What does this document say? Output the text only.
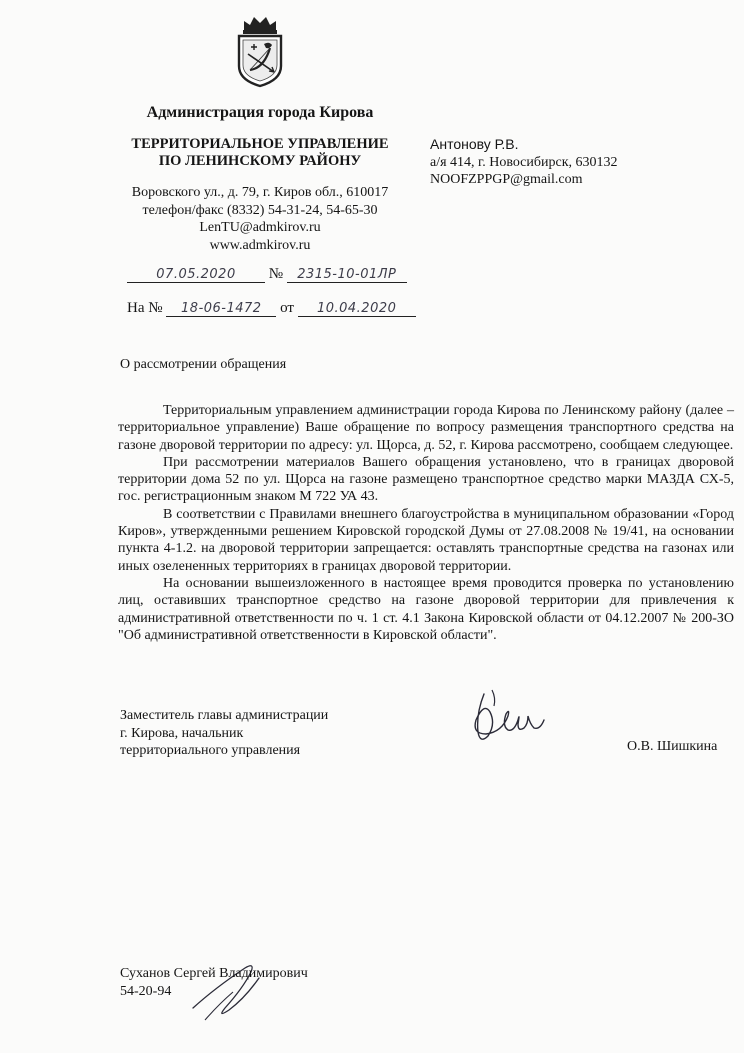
Администрация города Кирова
ТЕРРИТОРИАЛЬНОЕ УПРАВЛЕНИЕ
ПО ЛЕНИНСКОМУ РАЙОНУ
Воровского ул., д. 79, г. Киров обл., 610017
телефон/факс (8332) 54-31-24, 54-65-30
LenTU@admkirov.ru
www.admkirov.ru
Антонову Р.В.
а/я 414, г. Новосибирск, 630132
NOOFZPPGP@gmail.com
07.05.2020 № 2315-10-01ЛР
На № 18-06-1472 от 10.04.2020
О рассмотрении обращения

Территориальным управлением администрации города Кирова по Ленинскому району (далее – территориальное управление) Ваше обращение по вопросу размещения транспортного средства на газоне дворовой территории по адресу: ул. Щорса, д. 52, г. Кирова рассмотрено, сообщаем следующее.

При рассмотрении материалов Вашего обращения установлено, что в границах дворовой территории дома 52 по ул. Щорса на газоне размещено транспортное средство марки МАЗДА СХ-5, гос. регистрационным знаком М 722 УА 43.

В соответствии с Правилами внешнего благоустройства в муниципальном образовании «Город Киров», утвержденными решением Кировской городской Думы от 27.08.2008 № 19/41, на основании пункта 4-1.2. на дворовой территории запрещается: оставлять транспортные средства на газонах или иных озелененных территориях в границах дворовой территории.

На основании вышеизложенного в настоящее время проводится проверка по установлению лиц, оставивших транспортное средство на газоне дворовой территории для привлечения к административной ответственности по ч. 1 ст. 4.1 Закона Кировской области от 04.12.2007 № 200-ЗО "Об административной ответственности в Кировской области".

Заместитель главы администрации
г. Кирова, начальник
территориального управления	О.В. Шишкина
Суханов Сергей Владимирович
54-20-94
